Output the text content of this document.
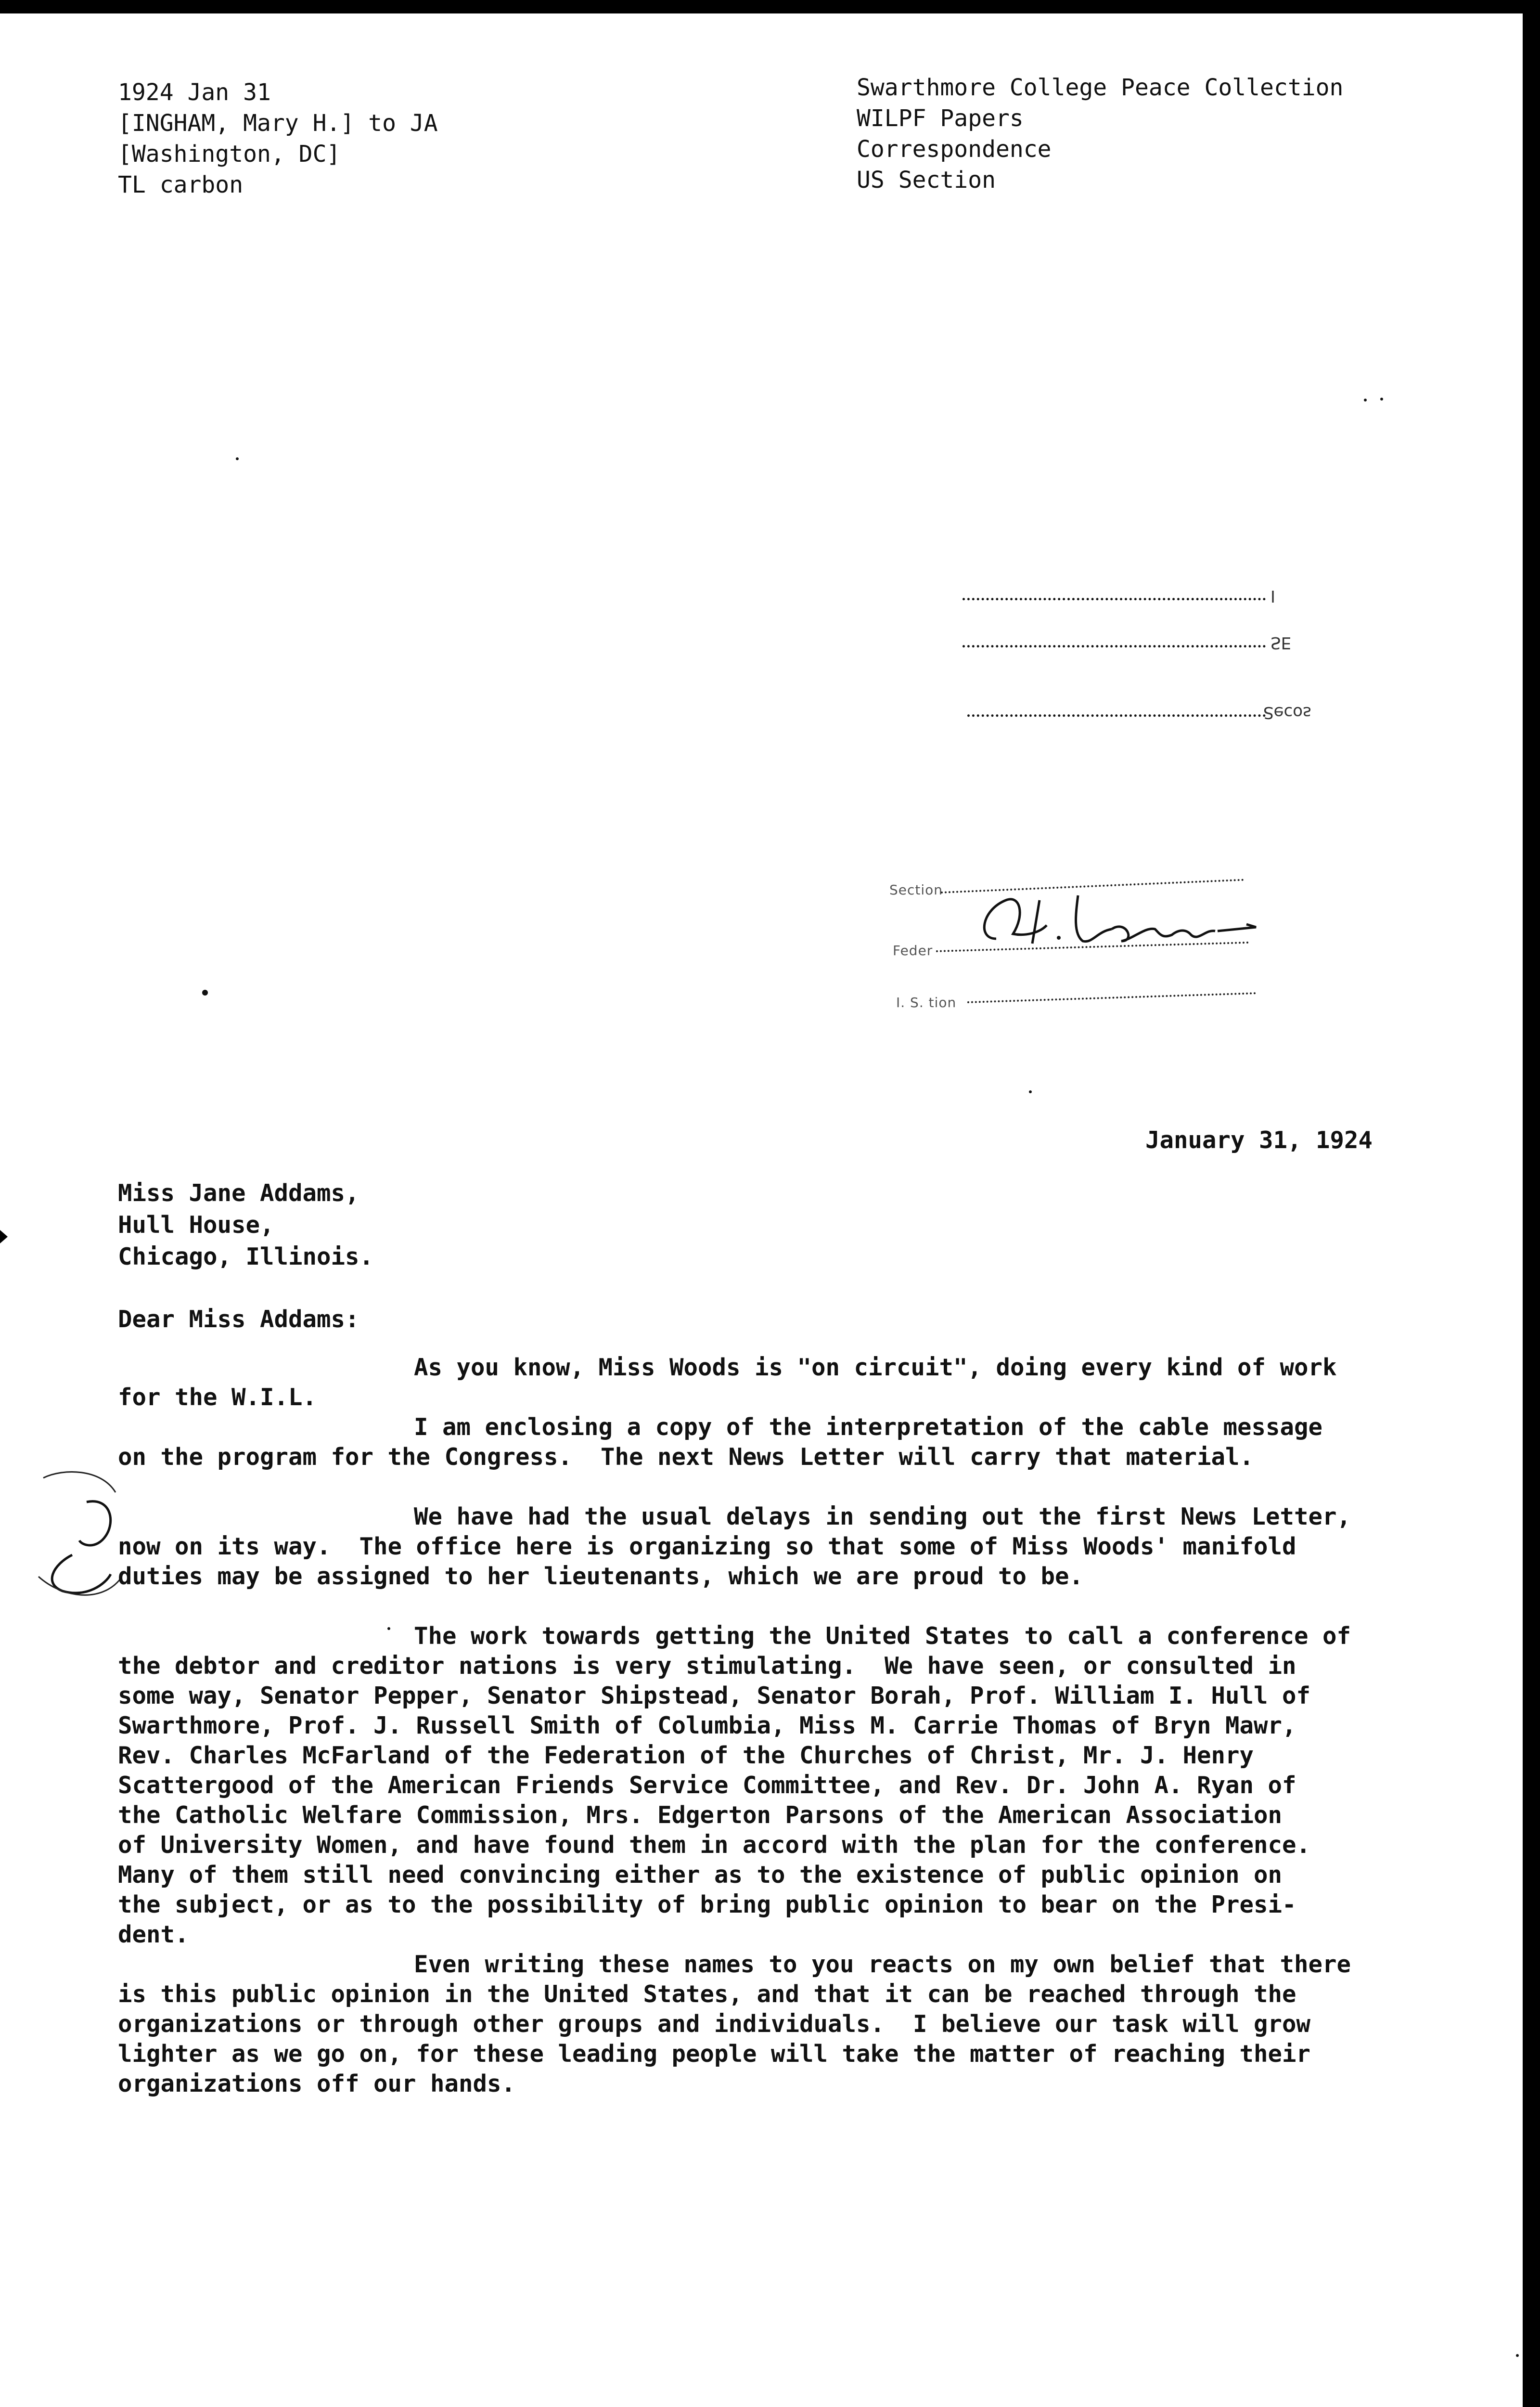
1924 Jan 31
[INGHAM, Mary H.] to JA
[Washington, DC]
TL carbon
Swarthmore College Peace Collection
WILPF Papers
Correspondence
US Section
I
ƎƧ
ƨoɔɘS
Section
Feder
I. S. tion
January 31, 1924
Miss Jane Addams,
Hull House,
Chicago, Illinois.
Dear Miss Addams:

As you know, Miss Woods is "on circuit", doing every kind of work

for the W.I.L.

I am enclosing a copy of the interpretation of the cable message

on the program for the Congress.  The next News Letter will carry that material.

We have had the usual delays in sending out the first News Letter,

now on its way.  The office here is organizing so that some of Miss Woods' manifold

duties may be assigned to her lieutenants, which we are proud to be.

The work towards getting the United States to call a conference of

the debtor and creditor nations is very stimulating.  We have seen, or consulted in

some way, Senator Pepper, Senator Shipstead, Senator Borah, Prof. William I. Hull of

Swarthmore, Prof. J. Russell Smith of Columbia, Miss M. Carrie Thomas of Bryn Mawr,

Rev. Charles McFarland of the Federation of the Churches of Christ, Mr. J. Henry

Scattergood of the American Friends Service Committee, and Rev. Dr. John A. Ryan of

the Catholic Welfare Commission, Mrs. Edgerton Parsons of the American Association

of University Women, and have found them in accord with the plan for the conference.

Many of them still need convincing either as to the existence of public opinion on

the subject, or as to the possibility of bring public opinion to bear on the Presi-

dent.

Even writing these names to you reacts on my own belief that there

is this public opinion in the United States, and that it can be reached through the

organizations or through other groups and individuals.  I believe our task will grow

lighter as we go on, for these leading people will take the matter of reaching their

organizations off our hands.
